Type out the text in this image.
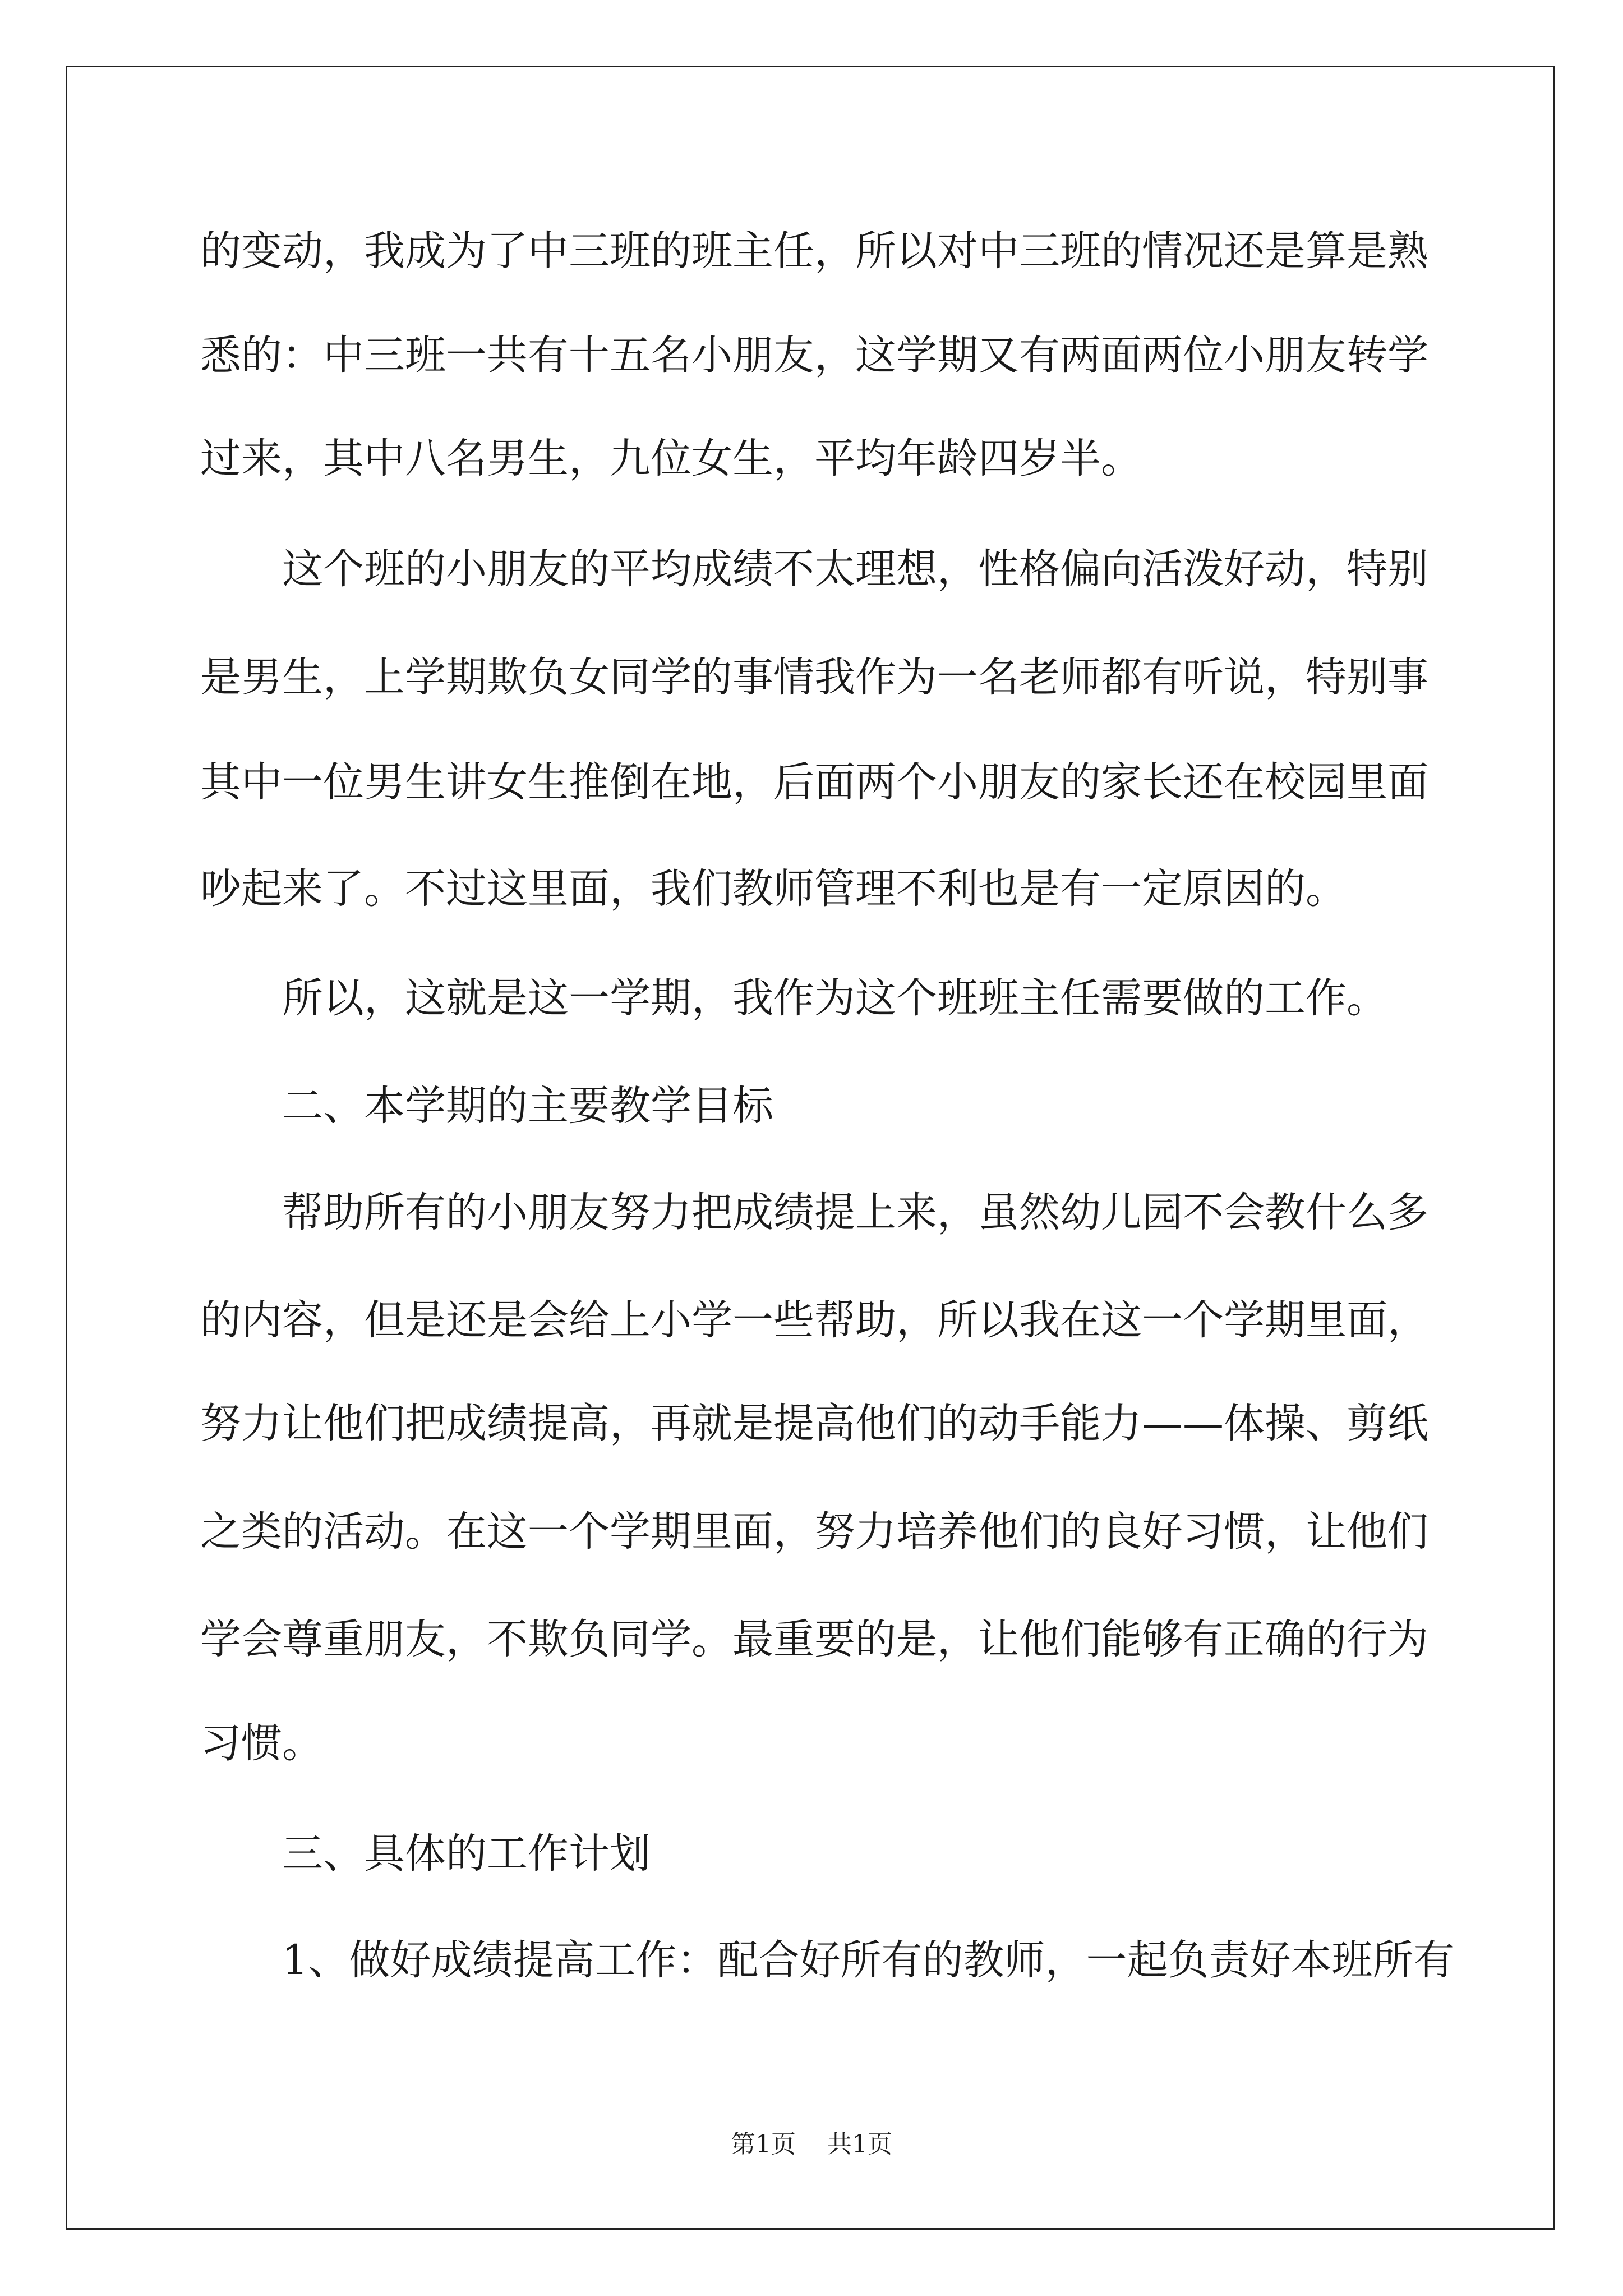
的变动，我成为了中三班的班主任，所以对中三班的情况还是算是熟
悉的：中三班一共有十五名小朋友，这学期又有两面两位小朋友转学
过来，其中八名男生，九位女生，平均年龄四岁半。
这个班的小朋友的平均成绩不太理想，性格偏向活泼好动，特别
是男生，上学期欺负女同学的事情我作为一名老师都有听说，特别事
其中一位男生讲女生推倒在地，后面两个小朋友的家长还在校园里面
吵起来了。不过这里面，我们教师管理不利也是有一定原因的。
所以，这就是这一学期，我作为这个班班主任需要做的工作。
二、本学期的主要教学目标
帮助所有的小朋友努力把成绩提上来，虽然幼儿园不会教什么多
的内容，但是还是会给上小学一些帮助，所以我在这一个学期里面，
努力让他们把成绩提高，再就是提高他们的动手能力——体操、剪纸
之类的活动。在这一个学期里面，努力培养他们的良好习惯，让他们
学会尊重朋友，不欺负同学。最重要的是，让他们能够有正确的行为
习惯。
三、具体的工作计划
1、做好成绩提高工作：配合好所有的教师，一起负责好本班所有
第1页    共1页
